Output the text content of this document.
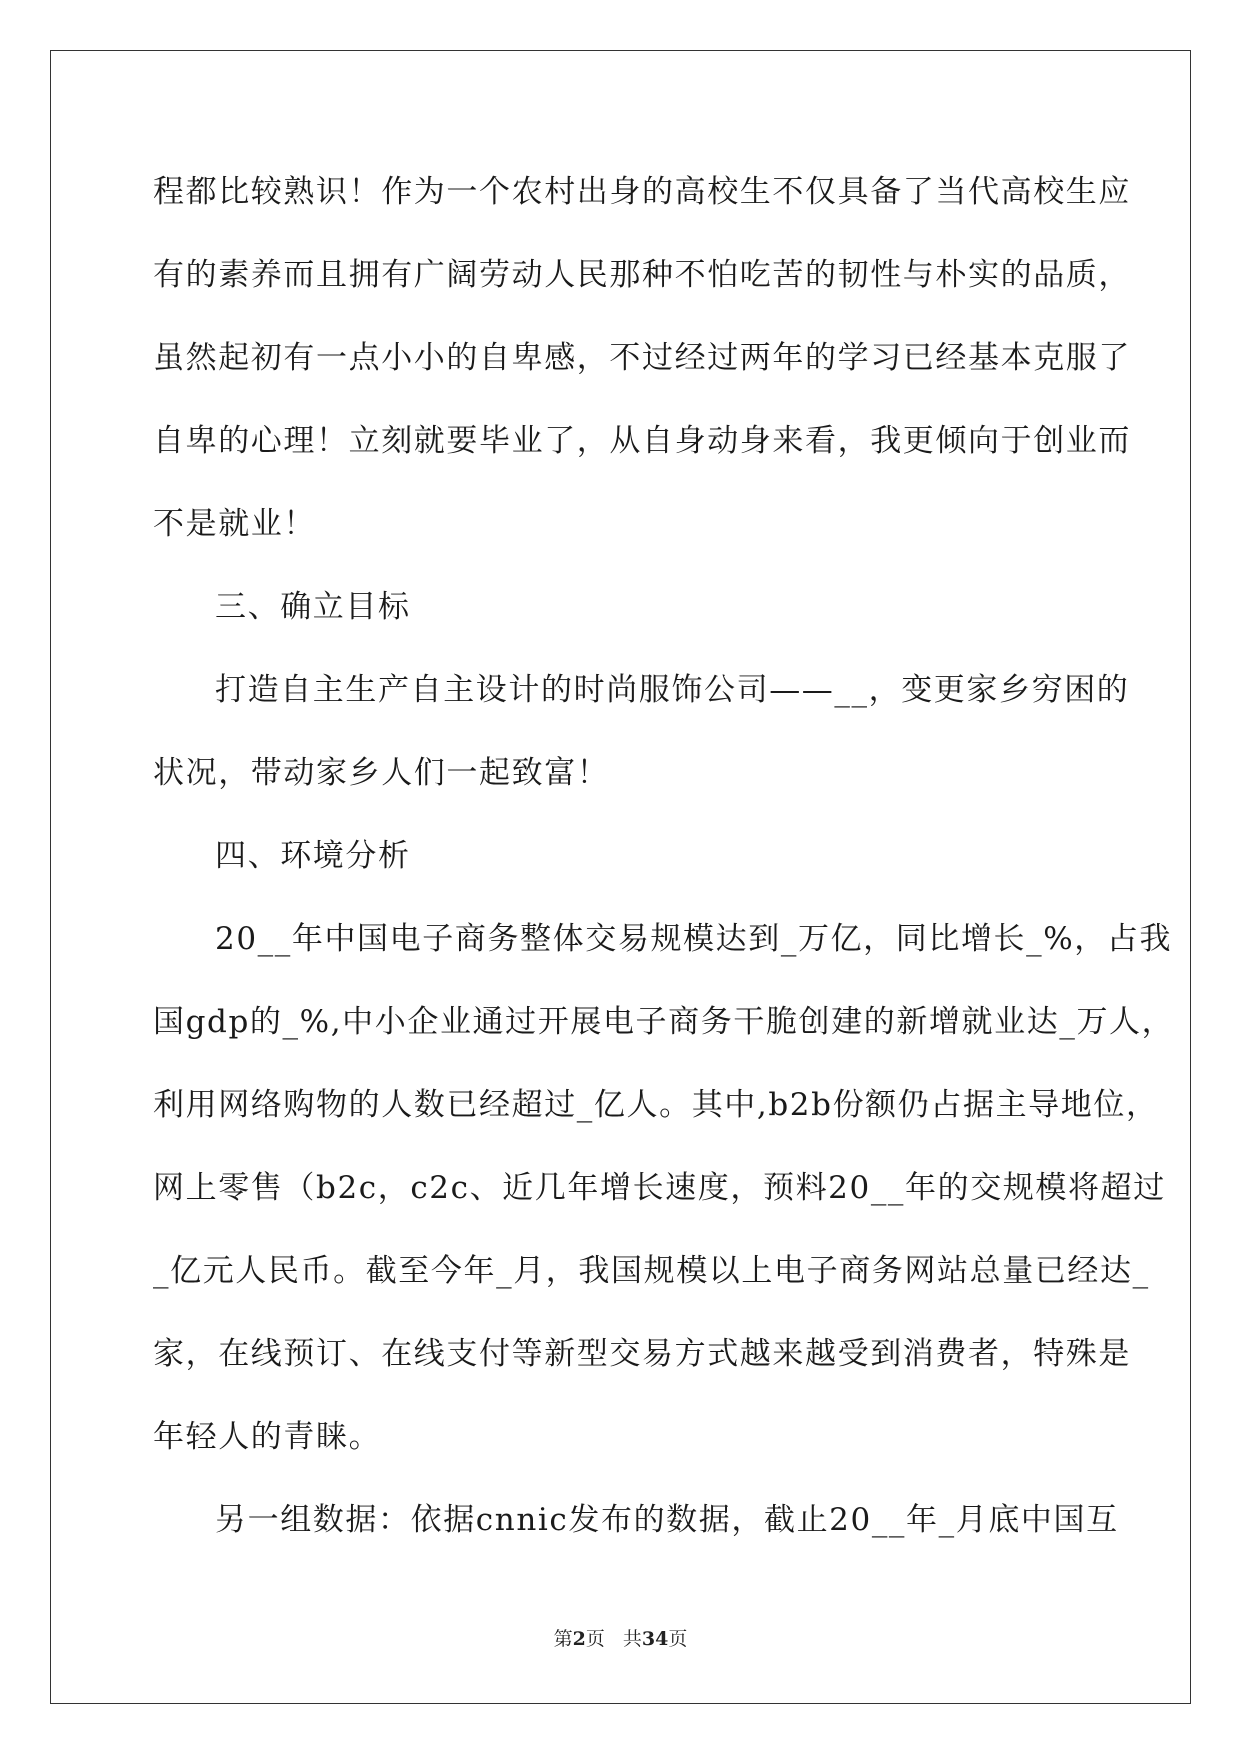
程都比较熟识！作为一个农村出身的高校生不仅具备了当代高校生应
有的素养而且拥有广阔劳动人民那种不怕吃苦的韧性与朴实的品质，
虽然起初有一点小小的自卑感，不过经过两年的学习已经基本克服了
自卑的心理！立刻就要毕业了，从自身动身来看，我更倾向于创业而
不是就业！
三、确立目标
打造自主生产自主设计的时尚服饰公司——__，变更家乡穷困的
状况，带动家乡人们一起致富！
四、环境分析
20__年中国电子商务整体交易规模达到_万亿，同比增长_%，占我
国gdp的_%,中小企业通过开展电子商务干脆创建的新增就业达_万人，
利用网络购物的人数已经超过_亿人。其中,b2b份额仍占据主导地位，
网上零售（b2c，c2c、近几年增长速度，预料20__年的交规模将超过
_亿元人民币。截至今年_月，我国规模以上电子商务网站总量已经达_
家，在线预订、在线支付等新型交易方式越来越受到消费者，特殊是
年轻人的青睐。
另一组数据：依据cnnic发布的数据，截止20__年_月底中国互
第2页 共34页
